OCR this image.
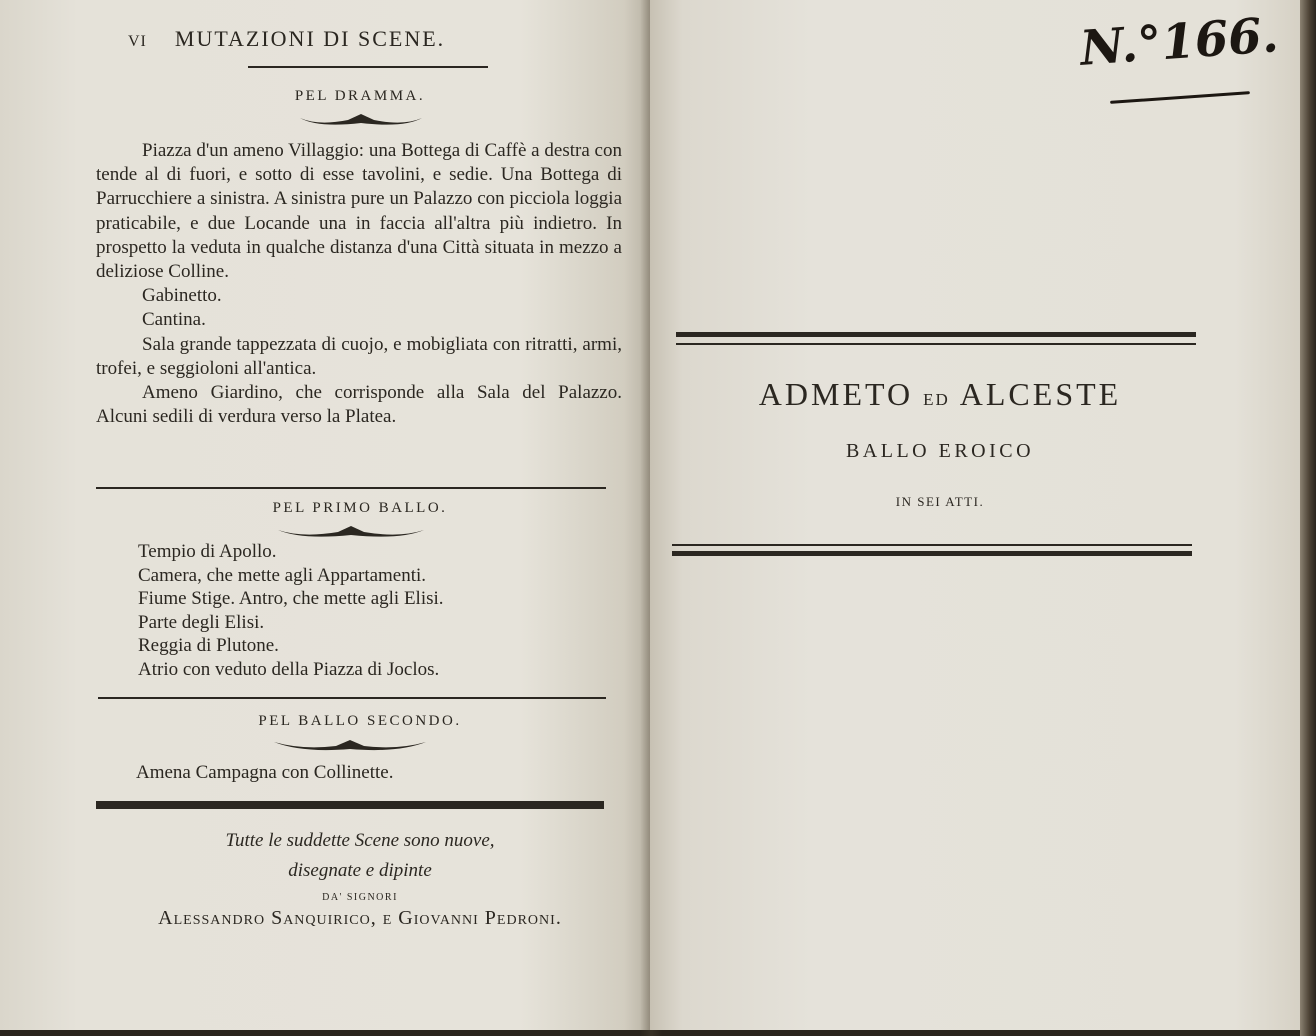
VI MUTAZIONI DI SCENE.
PEL DRAMMA.

Piazza d'un ameno Villaggio: una Bottega di Caffè a destra con tende al di fuori, e sotto di esse tavolini, e sedie. Una Bottega di Parrucchiere a sinistra. A sinistra pure un Palazzo con picciola loggia praticabile, e due Locande una in faccia all'altra più indietro. In prospetto la veduta in qualche distanza d'una Città situata in mezzo a deliziose Colline.

Gabinetto.

Cantina.

Sala grande tappezzata di cuojo, e mobigliata con ritratti, armi, trofei, e seggioloni all'antica.

Ameno Giardino, che corrisponde alla Sala del Palazzo. Alcuni sedili di verdura verso la Platea.

PEL PRIMO BALLO.
Tempio di Apollo.
Camera, che mette agli Appartamenti.
Fiume Stige. Antro, che mette agli Elisi.
Parte degli Elisi.
Reggia di Plutone.
Atrio con veduto della Piazza di Joclos.
PEL BALLO SECONDO.
Amena Campagna con Collinette.
Tutte le suddette Scene sono nuove,
disegnate e dipinte
DA' SIGNORI
Alessandro Sanquirico, e Giovanni Pedroni.
N.°166.
ADMETO ED ALCESTE
BALLO EROICO
IN SEI ATTI.
